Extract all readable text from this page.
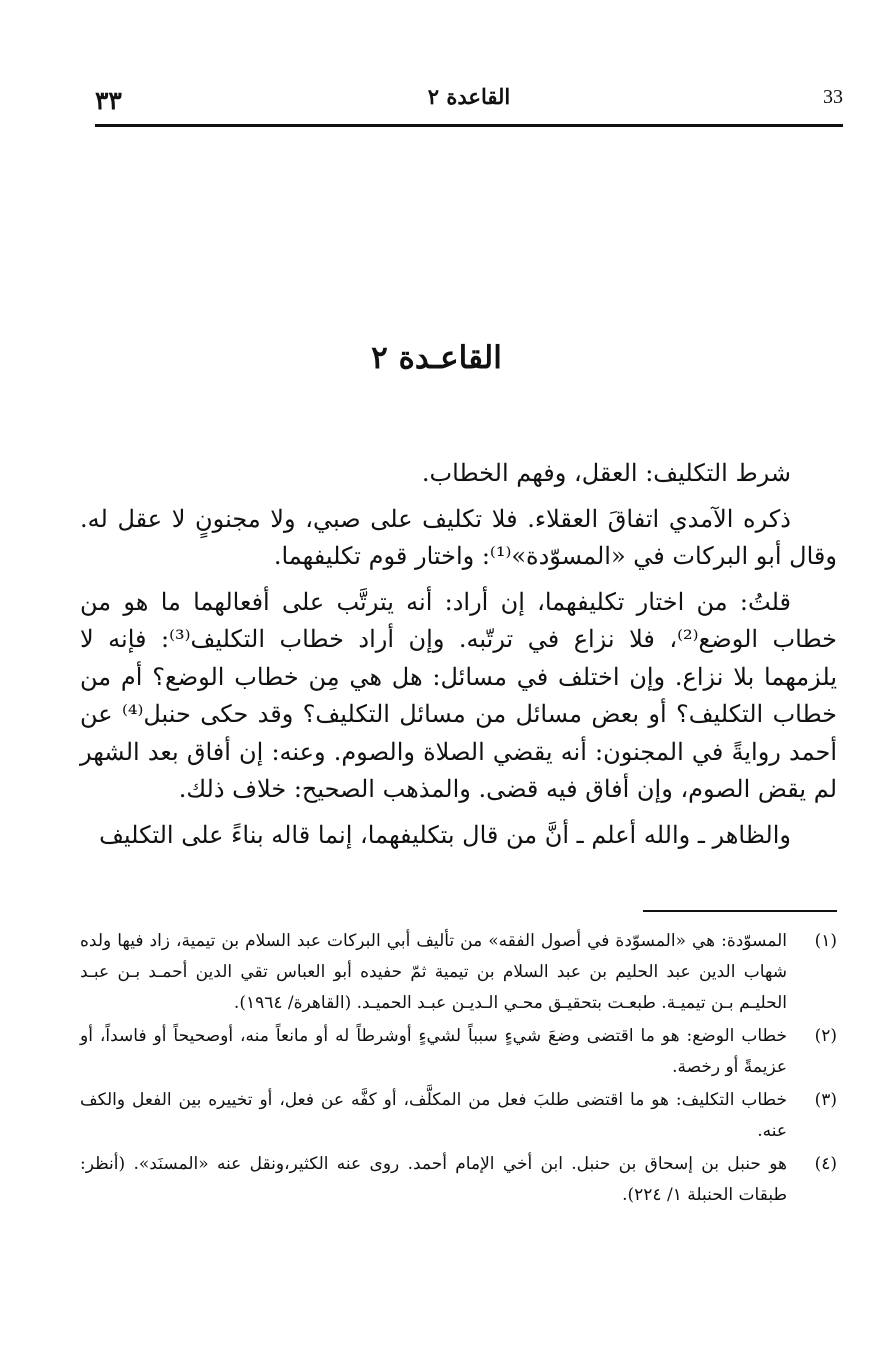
٣٣	القاعدة ٢	33
القاعـدة ٢

شرط التكليف: العقل، وفهم الخطاب.

ذكره الآمدي اتفاقَ العقلاء. فلا تكليف على صبي، ولا مجنونٍ لا عقل له. وقال أبو البركات في «المسوّدة»⁽¹⁾: واختار قوم تكليفهما.

قلتُ: من اختار تكليفهما، إن أراد: أنه يترتَّب على أفعالهما ما هو من خطاب الوضع⁽²⁾، فلا نزاع في ترتّبه. وإن أراد خطاب التكليف⁽³⁾: فإنه لا يلزمهما بلا نزاع. وإن اختلف في مسائل: هل هي مِن خطاب الوضع؟ أم من خطاب التكليف؟ أو بعض مسائل من مسائل التكليف؟ وقد حكى حنبل⁽⁴⁾ عن أحمد روايةً في المجنون: أنه يقضي الصلاة والصوم. وعنه: إن أفاق بعد الشهر لم يقض الصوم، وإن أفاق فيه قضى. والمذهب الصحيح: خلاف ذلك.

والظاهر ـ والله أعلم ـ أنَّ من قال بتكليفهما، إنما قاله بناءً على التكليف

(١)
المسوّدة: هي «المسوّدة في أصول الفقه» من تأليف أبي البركات عبد السلام بن تيمية، زاد فيها ولده شهاب الدين عبد الحليم بن عبد السلام بن تيمية ثمّ حفيده أبو العباس تقي الدين أحمـد بـن عبـد الحليـم بـن تيميـة. طبعـت بتحقيـق محـي الـديـن عبـد الحميـد. (القاهرة/ ١٩٦٤).
(٢)
خطاب الوضع: هو ما اقتضى وضعَ شيءٍ سبباً لشيءٍ أوشرطاً له أو مانعاً منه، أوصحيحاً أو فاسداً، أو عزيمةً أو رخصة.
(٣)
خطاب التكليف: هو ما اقتضى طلبَ فعل من المكلَّف، أو كفَّه عن فعل، أو تخييره بين الفعل والكف عنه.
(٤)
هو حنبل بن إسحاق بن حنبل. ابن أخي الإمام أحمد. روى عنه الكثير،ونقل عنه «المسنَد». (أنظر: طبقات الحنبلة ١/ ٢٢٤).
